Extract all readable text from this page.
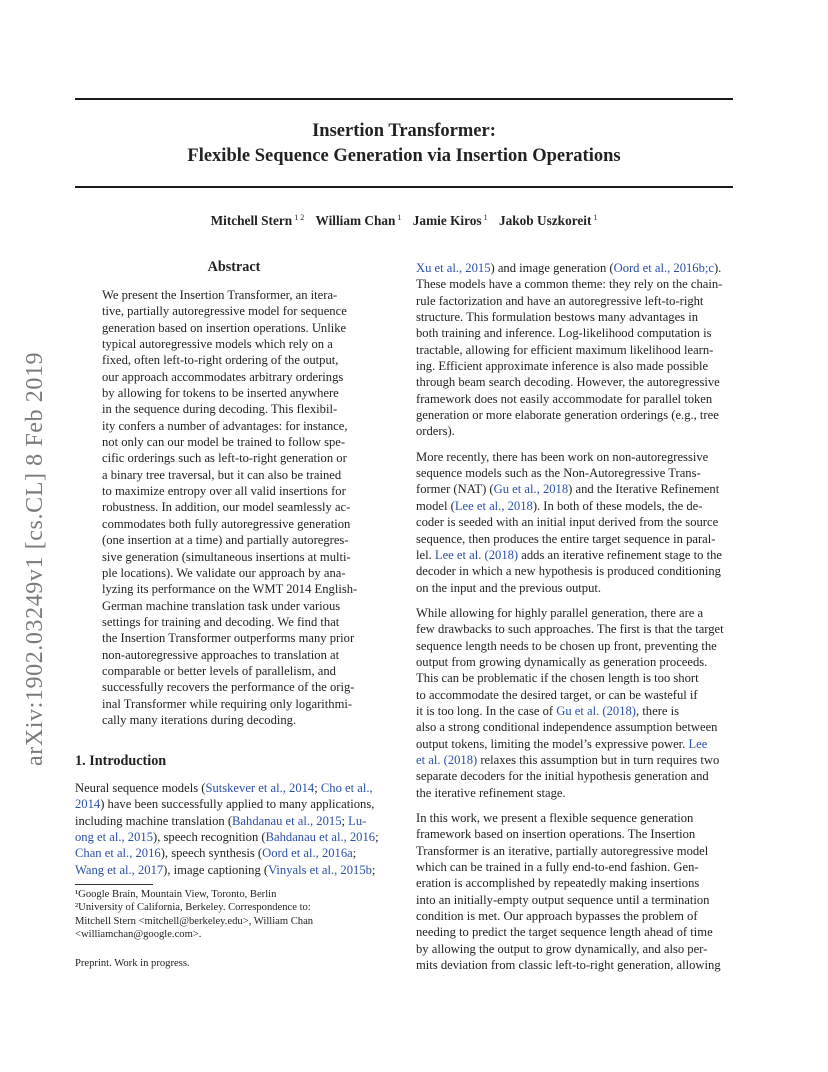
arXiv:1902.03249v1 [cs.CL] 8 Feb 2019
Insertion Transformer:
Flexible Sequence Generation via Insertion Operations
Mitchell Stern $^{1 2}$ William Chan $^1$ Jamie Kiros $^1$ Jakob Uszkoreit $^1$
Abstract
We present the Insertion Transformer, an itera-
tive, partially autoregressive model for sequence
generation based on insertion operations. Unlike
typical autoregressive models which rely on a
fixed, often left-to-right ordering of the output,
our approach accommodates arbitrary orderings
by allowing for tokens to be inserted anywhere
in the sequence during decoding. This flexibil-
ity confers a number of advantages: for instance,
not only can our model be trained to follow spe-
cific orderings such as left-to-right generation or
a binary tree traversal, but it can also be trained
to maximize entropy over all valid insertions for
robustness. In addition, our model seamlessly ac-
commodates both fully autoregressive generation
(one insertion at a time) and partially autoregres-
sive generation (simultaneous insertions at multi-
ple locations). We validate our approach by ana-
lyzing its performance on the WMT 2014 English-
German machine translation task under various
settings for training and decoding. We find that
the Insertion Transformer outperforms many prior
non-autoregressive approaches to translation at
comparable or better levels of parallelism, and
successfully recovers the performance of the orig-
inal Transformer while requiring only logarithmi-
cally many iterations during decoding.
1. Introduction
Neural sequence models (Sutskever et al., 2014; Cho et al.,
2014) have been successfully applied to many applications,
including machine translation (Bahdanau et al., 2015; Lu-
ong et al., 2015), speech recognition (Bahdanau et al., 2016;
Chan et al., 2016), speech synthesis (Oord et al., 2016a;
Wang et al., 2017), image captioning (Vinyals et al., 2015b;
¹Google Brain, Mountain View, Toronto, Berlin
²University of California, Berkeley. Correspondence to:
Mitchell Stern <mitchell@berkeley.edu>, William Chan
<williamchan@google.com>.
Preprint. Work in progress.
Xu et al., 2015) and image generation (Oord et al., 2016b;c).
These models have a common theme: they rely on the chain-
rule factorization and have an autoregressive left-to-right
structure. This formulation bestows many advantages in
both training and inference. Log-likelihood computation is
tractable, allowing for efficient maximum likelihood learn-
ing. Efficient approximate inference is also made possible
through beam search decoding. However, the autoregressive
framework does not easily accommodate for parallel token
generation or more elaborate generation orderings (e.g., tree
orders).
More recently, there has been work on non-autoregressive
sequence models such as the Non-Autoregressive Trans-
former (NAT) (Gu et al., 2018) and the Iterative Refinement
model (Lee et al., 2018). In both of these models, the de-
coder is seeded with an initial input derived from the source
sequence, then produces the entire target sequence in paral-
lel. Lee et al. (2018) adds an iterative refinement stage to the
decoder in which a new hypothesis is produced conditioning
on the input and the previous output.
While allowing for highly parallel generation, there are a
few drawbacks to such approaches. The first is that the target
sequence length needs to be chosen up front, preventing the
output from growing dynamically as generation proceeds.
This can be problematic if the chosen length is too short
to accommodate the desired target, or can be wasteful if
it is too long. In the case of Gu et al. (2018), there is
also a strong conditional independence assumption between
output tokens, limiting the model’s expressive power. Lee
et al. (2018) relaxes this assumption but in turn requires two
separate decoders for the initial hypothesis generation and
the iterative refinement stage.
In this work, we present a flexible sequence generation
framework based on insertion operations. The Insertion
Transformer is an iterative, partially autoregressive model
which can be trained in a fully end-to-end fashion. Gen-
eration is accomplished by repeatedly making insertions
into an initially-empty output sequence until a termination
condition is met. Our approach bypasses the problem of
needing to predict the target sequence length ahead of time
by allowing the output to grow dynamically, and also per-
mits deviation from classic left-to-right generation, allowing
